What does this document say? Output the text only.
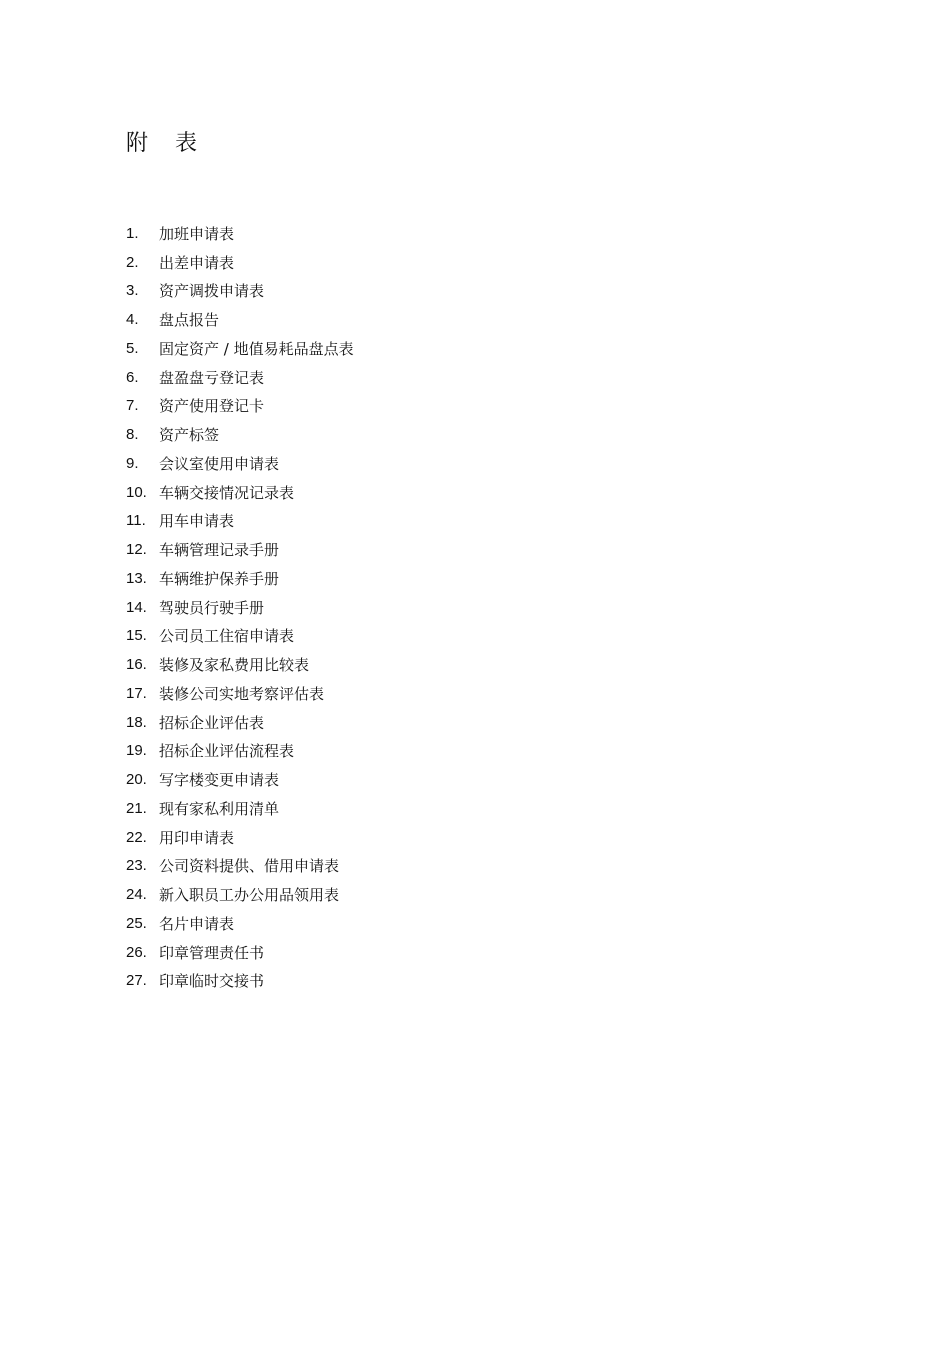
附 表
1.	加班申请表
2.	出差申请表
3.	资产调拨申请表
4.	盘点报告
5.	固定资产 / 地值易耗品盘点表
6.	盘盈盘亏登记表
7.	资产使用登记卡
8.	资产标签
9.	会议室使用申请表
10. 车辆交接情况记录表
11. 用车申请表
12. 车辆管理记录手册
13. 车辆维护保养手册
14. 驾驶员行驶手册
15. 公司员工住宿申请表
16. 装修及家私费用比较表
17. 装修公司实地考察评估表
18. 招标企业评估表
19. 招标企业评估流程表
20. 写字楼变更申请表
21. 现有家私利用清单
22. 用印申请表
23. 公司资料提供、借用申请表
24. 新入职员工办公用品领用表
25. 名片申请表
26. 印章管理责任书
27. 印章临时交接书
